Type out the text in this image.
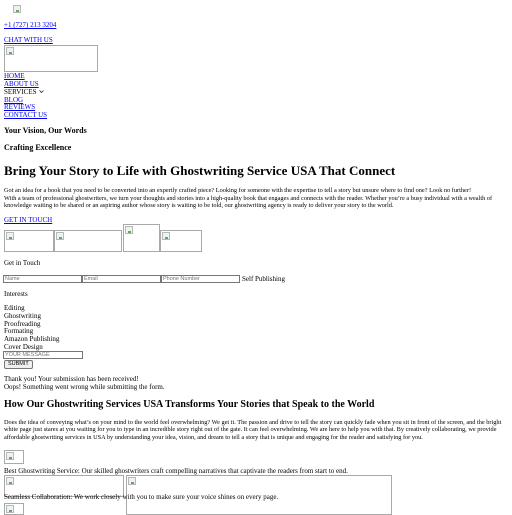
+1 (727) 213 3204
CHAT WITH US
HOME
ABOUT US
SERVICES
BLOG
REVIEWS
CONTACT US
Your Vision, Our Words
Crafting Excellence
Bring Your Story to Life with Ghostwriting Service USA That Connect

Got an idea for a book that you need to be converted into an expertly crafted piece? Looking for someone with the expertise to tell a story but unsure where to find one? Look no further!

With a team of professional ghostwriters, we turn your thoughts and stories into a high-quality book that engages and connects with the reader. Whether you’re a busy individual with a wealth of knowledge waiting to be shared or an aspiring author whose story is waiting to be told, our ghostwriting agency is ready to deliver your story to the world.

GET IN TOUCH
Get in Touch
Name	Email	Phone Number	Self Publishing
Interests
Editing
Ghostwriting
Proofreading
Formating
Amazon Publishing
Cover Design
YOUR MESSAGE
SUBMIT
Thank you! Your submission has been received!
Oops! Something went wrong while submitting the form.
How Our Ghostwriting Services USA Transforms Your Stories that Speak to the World

Does the idea of conveying what’s on your mind to the world feel overwhelming? We get it. The passion and drive to tell the story can quickly fade when you sit in front of the screen, and the bright white page just stares at you waiting for you to type in an incredible story right out of the gate. It can feel overwhelming. We are here to help you with that. By creatively collaborating, we provide affordable ghostwriting services in USA by understanding your idea, vision, and dream to tell a story that is unique and engaging for the reader and satisfying for you.

Best Ghostwriting Service: Our skilled ghostwriters craft compelling narratives that captivate the readers from start to end.
Seamless Collaboration: We work closely with you to make sure your voice shines on every page.
